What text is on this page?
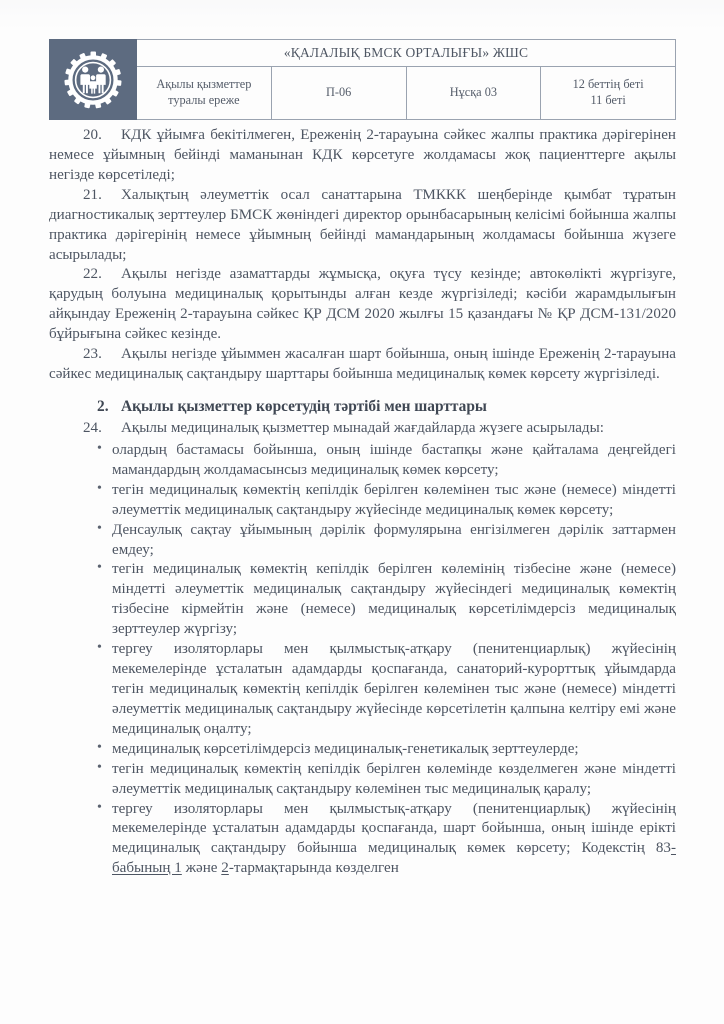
	«ҚАЛАЛЫҚ БМСК ОРТАЛЫҒЫ» ЖШС			
	Ақылы қызметтер туралы ереже	П-06	Нұсқа 03	12 беттің беті
11 беті

20. КДК ұйымға бекітілмеген, Ереженің 2-тарауына сәйкес жалпы практика дәрігерінен немесе ұйымның бейінді маманынан КДК көрсетуге жолдамасы жоқ пациенттерге ақылы негізде көрсетіледі;

21. Халықтың әлеуметтік осал санаттарына ТМККК шеңберінде қымбат тұратын диагностикалық зерттеулер БМСК жөніндегі директор орынбасарының келісімі бойынша жалпы практика дәрігерінің немесе ұйымның бейінді мамандарының жолдамасы бойынша жүзеге асырылады;

22. Ақылы негізде азаматтарды жұмысқа, оқуға түсу кезінде; автокөлікті жүргізуге, қарудың болуына медициналық қорытынды алған кезде жүргізіледі; кәсіби жарамдылығын айқындау Ереженің 2-тарауына сәйкес ҚР ДСМ 2020 жылғы 15 қазандағы № ҚР ДСМ-131/2020 бұйрығына сәйкес кезінде.

23. Ақылы негізде ұйыммен жасалған шарт бойынша, оның ішінде Ереженің 2-тарауына сәйкес медициналық сақтандыру шарттары бойынша медициналық көмек көрсету жүргізіледі.

2. Ақылы қызметтер көрсетудің тәртібі мен шарттары

24. Ақылы медициналық қызметтер мынадай жағдайларда жүзеге асырылады:

• олардың бастамасы бойынша, оның ішінде бастапқы және қайталама деңгейдегі мамандардың жолдамасынсыз медициналық көмек көрсету;
• тегін медициналық көмектің кепілдік берілген көлемінен тыс және (немесе) міндетті әлеуметтік медициналық сақтандыру жүйесінде медициналық көмек көрсету;
• Денсаулық сақтау ұйымының дәрілік формулярына енгізілмеген дәрілік заттармен емдеу;
• тегін медициналық көмектің кепілдік берілген көлемінің тізбесіне және (немесе) міндетті әлеуметтік медициналық сақтандыру жүйесіндегі медициналық көмектің тізбесіне кірмейтін және (немесе) медициналық көрсетілімдерсіз медициналық зерттеулер жүргізу;
• тергеу изоляторлары мен қылмыстық-атқару (пенитенциарлық) жүйесінің мекемелерінде ұсталатын адамдарды қоспағанда, санаторий-курорттық ұйымдарда тегін медициналық көмектің кепілдік берілген көлемінен тыс және (немесе) міндетті әлеуметтік медициналық сақтандыру жүйесінде көрсетілетін қалпына келтіру емі және медициналық оңалту;
• медициналық көрсетілімдерсіз медициналық-генетикалық зерттеулерде;
• тегін медициналық көмектің кепілдік берілген көлемінде көзделмеген және міндетті әлеуметтік медициналық сақтандыру көлемінен тыс медициналық қаралу;
• тергеу изоляторлары мен қылмыстық-атқару (пенитенциарлық) жүйесінің мекемелерінде ұсталатын адамдарды қоспағанда, шарт бойынша, оның ішінде ерікті медициналық сақтандыру бойынша медициналық көмек көрсету; Кодекстің 83-бабының 1 және 2-тармақтарында көзделген
